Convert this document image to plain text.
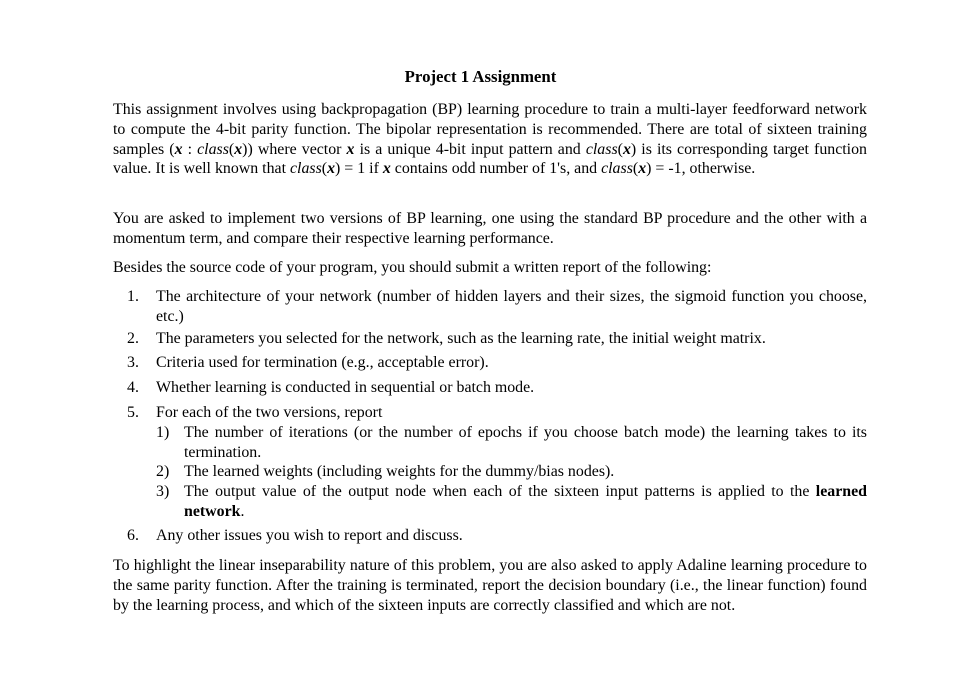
Project 1 Assignment
This assignment involves using backpropagation (BP) learning procedure to train a multi-layer feedforward network to compute the 4-bit parity function. The bipolar representation is recommended. There are total of sixteen training samples (x : class(x)) where vector x is a unique 4-bit input pattern and class(x) is its corresponding target function value. It is well known that class(x) = 1 if x contains odd number of 1's, and class(x) = -1, otherwise.
You are asked to implement two versions of BP learning, one using the standard BP procedure and the other with a momentum term, and compare their respective learning performance.
Besides the source code of your program, you should submit a written report of the following:
1.	The architecture of your network (number of hidden layers and their sizes, the sigmoid function you choose, etc.)
2.	The parameters you selected for the network, such as the learning rate, the initial weight matrix.
3.	Criteria used for termination (e.g., acceptable error).
4.	Whether learning is conducted in sequential or batch mode.
5.	For each of the two versions, report
1) The number of iterations (or the number of epochs if you choose batch mode) the learning takes to its termination.
2) The learned weights (including weights for the dummy/bias nodes).
3) The output value of the output node when each of the sixteen input patterns is applied to the learned network.
6.	Any other issues you wish to report and discuss.
To highlight the linear inseparability nature of this problem, you are also asked to apply Adaline learning procedure to the same parity function. After the training is terminated, report the decision boundary (i.e., the linear function) found by the learning process, and which of the sixteen inputs are correctly classified and which are not.
